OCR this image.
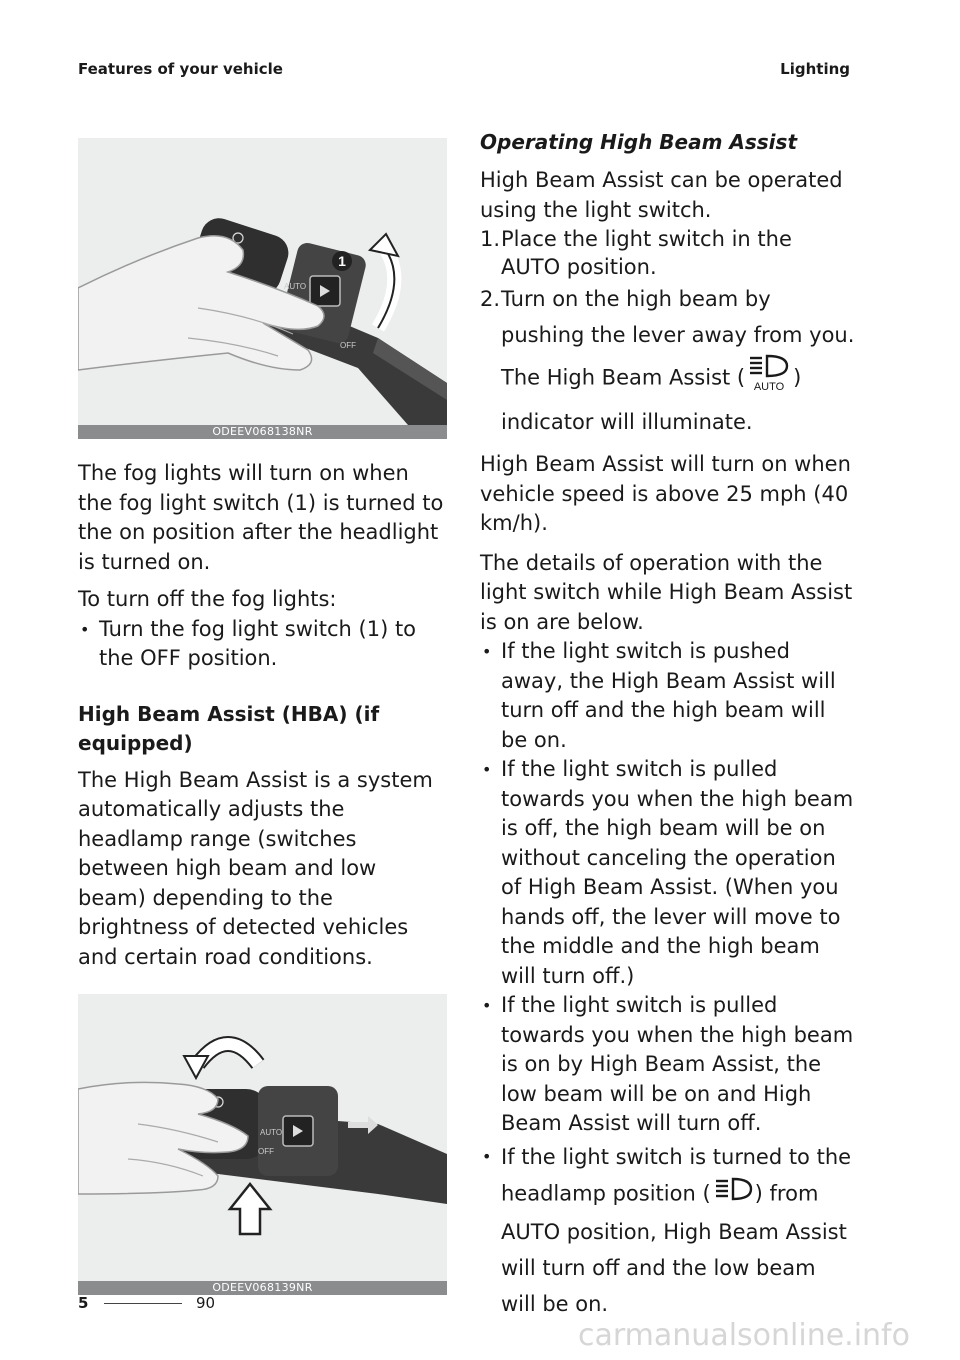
Features of your vehicle	Lighting
AUTO
OFF
1
ODEEV068138NR

The fog lights will turn on when the fog light switch (1) is turned to the on position after the headlight is turned on.

To turn off the fog lights:

• Turn the fog light switch (1) to the OFF position.
High Beam Assist (HBA) (if equipped)

The High Beam Assist is a system automatically adjusts the headlamp range (switches between high beam and low beam) depending to the brightness of detected vehicles and certain road conditions.

AUTO
OFF
ODEEV068139NR
Operating High Beam Assist

High Beam Assist can be operated using the light switch.

1. Place the light switch in the AUTO position.
2. Turn on the high beam by pushing the lever away from you. The High Beam Assist ( AUTO ) indicator will illuminate.

High Beam Assist will turn on when vehicle speed is above 25 mph (40 km/h).

The details of operation with the light switch while High Beam Assist is on are below.

• If the light switch is pushed away, the High Beam Assist will turn off and the high beam will be on.
• If the light switch is pulled towards you when the high beam is off, the high beam will be on without canceling the operation of High Beam Assist. (When you hands off, the lever will move to the middle and the high beam will turn off.)
• If the light switch is pulled towards you when the high beam is on by High Beam Assist, the low beam will be on and High Beam Assist will turn off.
• If the light switch is turned to the headlamp position ( ) from AUTO position, High Beam Assist will turn off and the low beam will be on.
5	90
carmanualsonline.info
